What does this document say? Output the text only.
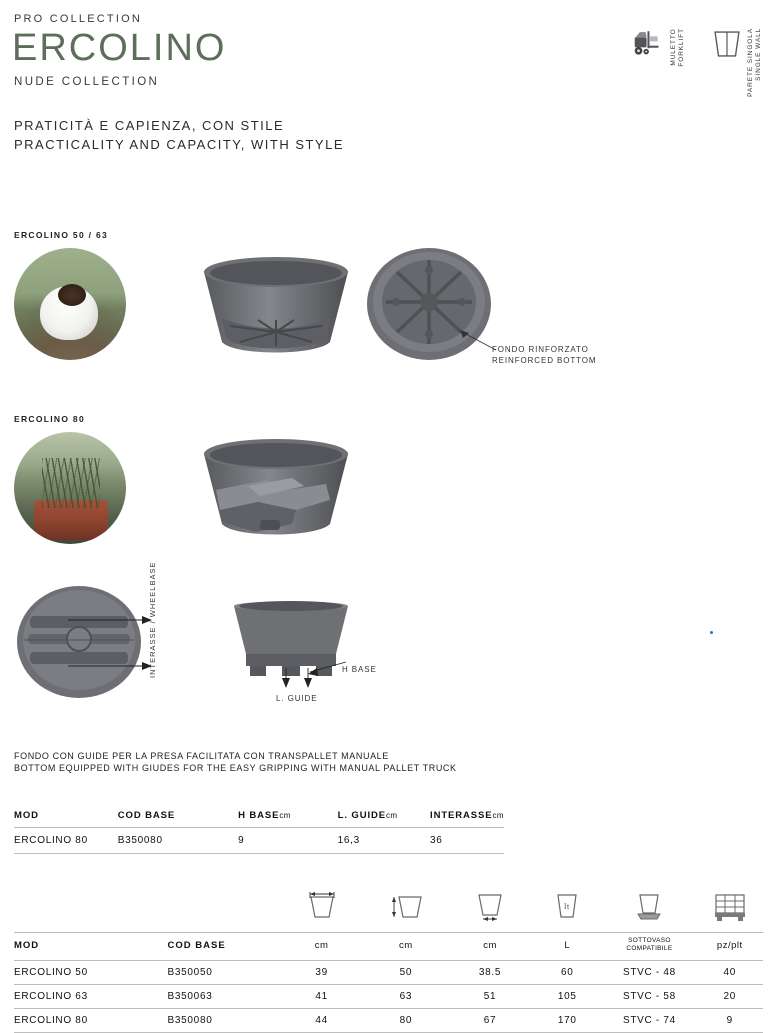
PRO COLLECTION
ERCOLINO
NUDE COLLECTION
PRATICITÀ E CAPIENZA, CON STILE
PRACTICALITY AND CAPACITY, WITH STYLE
MULETTO
FORKLIFT	PARETE SINGOLA
SINGLE WALL
ERCOLINO 50 / 63
FONDO RINFORZATO
REINFORCED BOTTOM
ERCOLINO 80
INTERASSE / WHEELBASE
H BASE
L. GUIDE
FONDO CON GUIDE PER LA PRESA FACILITATA CON TRANSPALLET MANUALE
BOTTOM EQUIPPED WITH GIUDES FOR THE EASY GRIPPING WITH MANUAL PALLET TRUCK
MOD	COD BASE	H BASEcm	L. GUIDEcm	INTERASSEcm
ERCOLINO 80	B350080	9	16,3	36

lt

MOD	COD BASE	cm	cm	cm	L	SOTTOVASO
COMPATIBILE	pz/plt
ERCOLINO 50	B350050	39	50	38.5	60	STVC - 48	40
ERCOLINO 63	B350063	41	63	51	105	STVC - 58	20
ERCOLINO 80	B350080	44	80	67	170	STVC - 74	9
